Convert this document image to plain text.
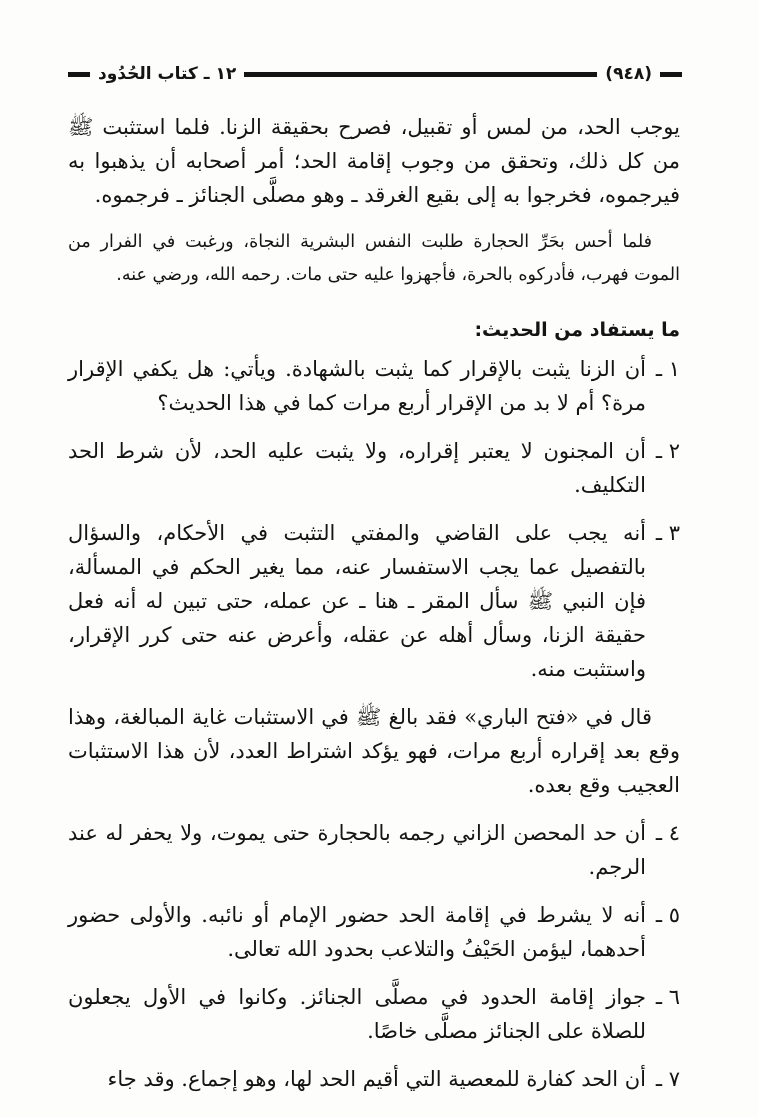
١٢ ـ كتاب الحُدُود	(٩٤٨)

يوجب الحد، من لمس أو تقبيل، فصرح بحقيقة الزنا. فلما استثبت ﷺ من كل ذلك، وتحقق من وجوب إقامة الحد؛ أمر أصحابه أن يذهبوا به فيرجموه، فخرجوا به إلى بقيع الغرقد ـ وهو مصلَّى الجنائز ـ فرجموه.

فلما أحس بحَرِّ الحجارة طلبت النفس البشرية النجاة، ورغبت في الفرار من الموت فهرب، فأدركوه بالحرة، فأجهزوا عليه حتى مات. رحمه الله، ورضي عنه.

ما يستفاد من الحديث:
١ ـ
أن الزنا يثبت بالإقرار كما يثبت بالشهادة. ويأتي: هل يكفي الإقرار مرة؟ أم لا بد من الإقرار أربع مرات كما في هذا الحديث؟
٢ ـ
أن المجنون لا يعتبر إقراره، ولا يثبت عليه الحد، لأن شرط الحد التكليف.
٣ ـ
أنه يجب على القاضي والمفتي التثبت في الأحكام، والسؤال بالتفصيل عما يجب الاستفسار عنه، مما يغير الحكم في المسألة، فإن النبي ﷺ سأل المقر ـ هنا ـ عن عمله، حتى تبين له أنه فعل حقيقة الزنا، وسأل أهله عن عقله، وأعرض عنه حتى كرر الإقرار، واستثبت منه.

قال في «فتح الباري» فقد بالغ ﷺ في الاستثبات غاية المبالغة، وهذا وقع بعد إقراره أربع مرات، فهو يؤكد اشتراط العدد، لأن هذا الاستثبات العجيب وقع بعده.

٤ ـ
أن حد المحصن الزاني رجمه بالحجارة حتى يموت، ولا يحفر له عند الرجم.
٥ ـ
أنه لا يشرط في إقامة الحد حضور الإمام أو نائبه. والأولى حضور أحدهما، ليؤمن الحَيْفُ والتلاعب بحدود الله تعالى.
٦ ـ
جواز إقامة الحدود في مصلَّى الجنائز. وكانوا في الأول يجعلون للصلاة على الجنائز مصلَّى خاصًا.
٧ ـ
أن الحد كفارة للمعصية التي أقيم الحد لها، وهو إجماع. وقد جاء
